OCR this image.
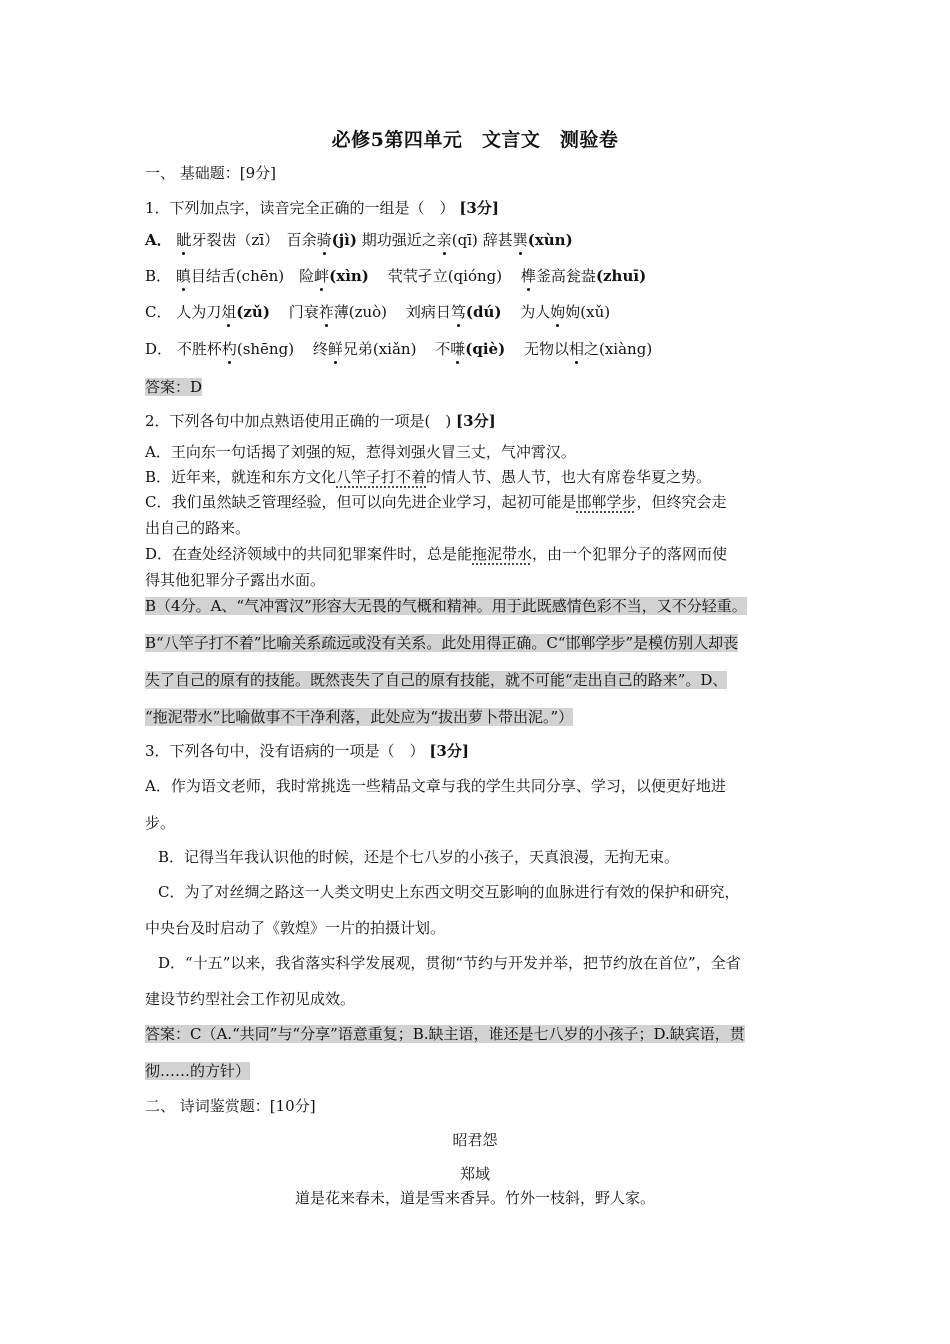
必修5第四单元　文言文　测验卷
一、 基础题：[9分]
1．下列加点字，读音完全正确的一组是（　） [3分]
A． 眦牙裂齿（zī）　百余骑(jì) 期功强近之亲(qī) 辞甚巽(xùn)
B． 瞋目结舌(chēn)　险衅(xìn) 茕茕孑立(qióng) 榫釜高瓮盎(zhuī)
C． 人为刀俎(zǔ) 门衰祚薄(zuò) 刘病日笃(dú) 为人姁姁(xǔ)
D． 不胜杯杓(shēng) 终鲜兄弟(xiǎn) 不嗛(qiè) 无物以相之(xiàng)
答案：D
2．下列各句中加点熟语使用正确的一项是(　) [3分]
A．王向东一句话揭了刘强的短，惹得刘强火冒三丈，气冲霄汉。
B．近年来，就连和东方文化八竿子打不着的情人节、愚人节，也大有席卷华夏之势。
C．我们虽然缺乏管理经验，但可以向先进企业学习，起初可能是邯郸学步，但终究会走
出自己的路来。
D．在查处经济领域中的共同犯罪案件时，总是能拖泥带水，由一个犯罪分子的落网而使
得其他犯罪分子露出水面。
B（4分。A、“气冲霄汉”形容大无畏的气概和精神。用于此既感情色彩不当，又不分轻重。
B“八竿子打不着”比喻关系疏远或没有关系。此处用得正确。C“邯郸学步”是模仿别人却丧
失了自己的原有的技能。既然丧失了自己的原有技能，就不可能“走出自己的路来”。D、
“拖泥带水”比喻做事不干净利落，此处应为“拔出萝卜带出泥。”）
3．下列各句中，没有语病的一项是（　） [3分]
A．作为语文老师，我时常挑选一些精品文章与我的学生共同分享、学习，以便更好地进
步。
B．记得当年我认识他的时候，还是个七八岁的小孩子，天真浪漫，无拘无束。
C．为了对丝绸之路这一人类文明史上东西文明交互影响的血脉进行有效的保护和研究，
中央台及时启动了《敦煌》一片的拍摄计划。
D．“十五”以来，我省落实科学发展观，贯彻“节约与开发并举，把节约放在首位”，全省
建设节约型社会工作初见成效。
答案：C（A.“共同”与“分享”语意重复；B.缺主语，谁还是七八岁的小孩子；D.缺宾语，贯
彻……的方针）
二、 诗词鉴赏题：[10分]
昭君怨
郑域
道是花来春未，道是雪来香异。竹外一枝斜，野人家。
